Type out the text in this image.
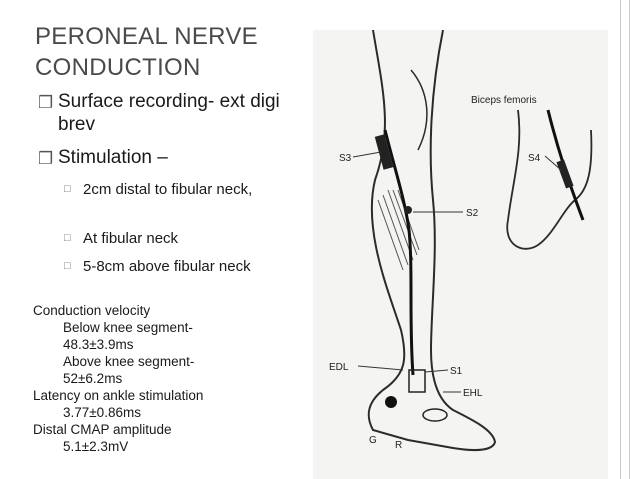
PERONEAL NERVE
CONDUCTION
❒ Surface recording- ext digi brev
❒ Stimulation –
□ 2cm distal to fibular neck,
□ At fibular neck
□ 5-8cm above fibular neck
Conduction velocity
Below knee segment-
48.3±3.9ms
Above knee segment-
52±6.2ms
Latency on ankle stimulation
3.77±0.86ms
Distal CMAP amplitude
5.1±2.3mV
Biceps femoris
S3	S4
S2
S1
EDL
EHL
G R
